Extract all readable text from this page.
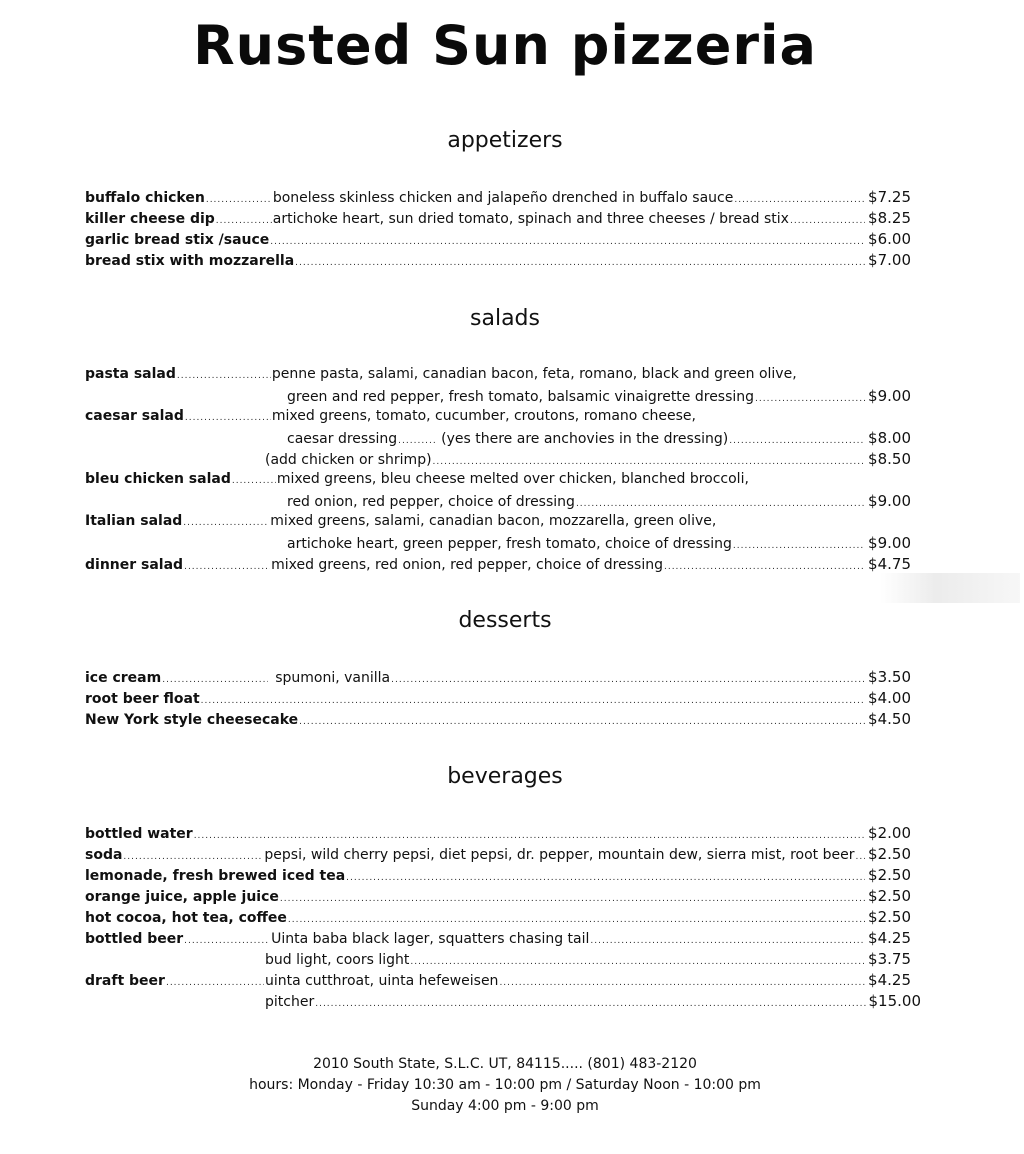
Rusted Sun pizzeria
appetizers
buffalo chicken .....	boneless skinless chicken and jalapeño drenched in buffalo sauce .....	$7.25
killer cheese dip .....	artichoke heart, sun dried tomato, spinach and three cheeses / bread stix .....	$8.25
garlic bread stix /sauce .....	$6.00
bread stix with mozzarella .....	$7.00
salads
pasta salad .....	penne pasta, salami, canadian bacon, feta, romano, black and green olive,
green and red pepper, fresh tomato, balsamic vinaigrette dressing .....	$9.00
caesar salad .....	mixed greens, tomato, cucumber, croutons, romano cheese,
caesar dressing .....	(yes there are anchovies in the dressing) .....	$8.00
(add chicken or shrimp) .....	$8.50
bleu chicken salad .....	mixed greens, bleu cheese melted over chicken, blanched broccoli,
red onion, red pepper, choice of dressing .....	$9.00
Italian salad .....	mixed greens, salami, canadian bacon, mozzarella, green olive,
artichoke heart, green pepper, fresh tomato, choice of dressing .....	$9.00
dinner salad .....	mixed greens, red onion, red pepper, choice of dressing .....	$4.75
desserts
ice cream .....	spumoni, vanilla .....	$3.50
root beer float .....	$4.00
New York style cheesecake .....	$4.50
beverages
bottled water .....	$2.00
soda .....	pepsi, wild cherry pepsi, diet pepsi, dr. pepper, mountain dew, sierra mist, root beer ..... $2.50
lemonade, fresh brewed iced tea .....	$2.50
orange juice, apple juice .....	$2.50
hot cocoa, hot tea, coffee .....	$2.50
bottled beer .....	Uinta baba black lager, squatters chasing tail .....	$4.25
bud light, coors light .....	$3.75
draft beer .....	uinta cutthroat, uinta hefeweisen .....	$4.25
pitcher .....	$15.00
2010 South State, S.L.C. UT, 84115..... (801) 483-2120
hours: Monday - Friday 10:30 am - 10:00 pm / Saturday Noon - 10:00 pm
Sunday 4:00 pm - 9:00 pm
